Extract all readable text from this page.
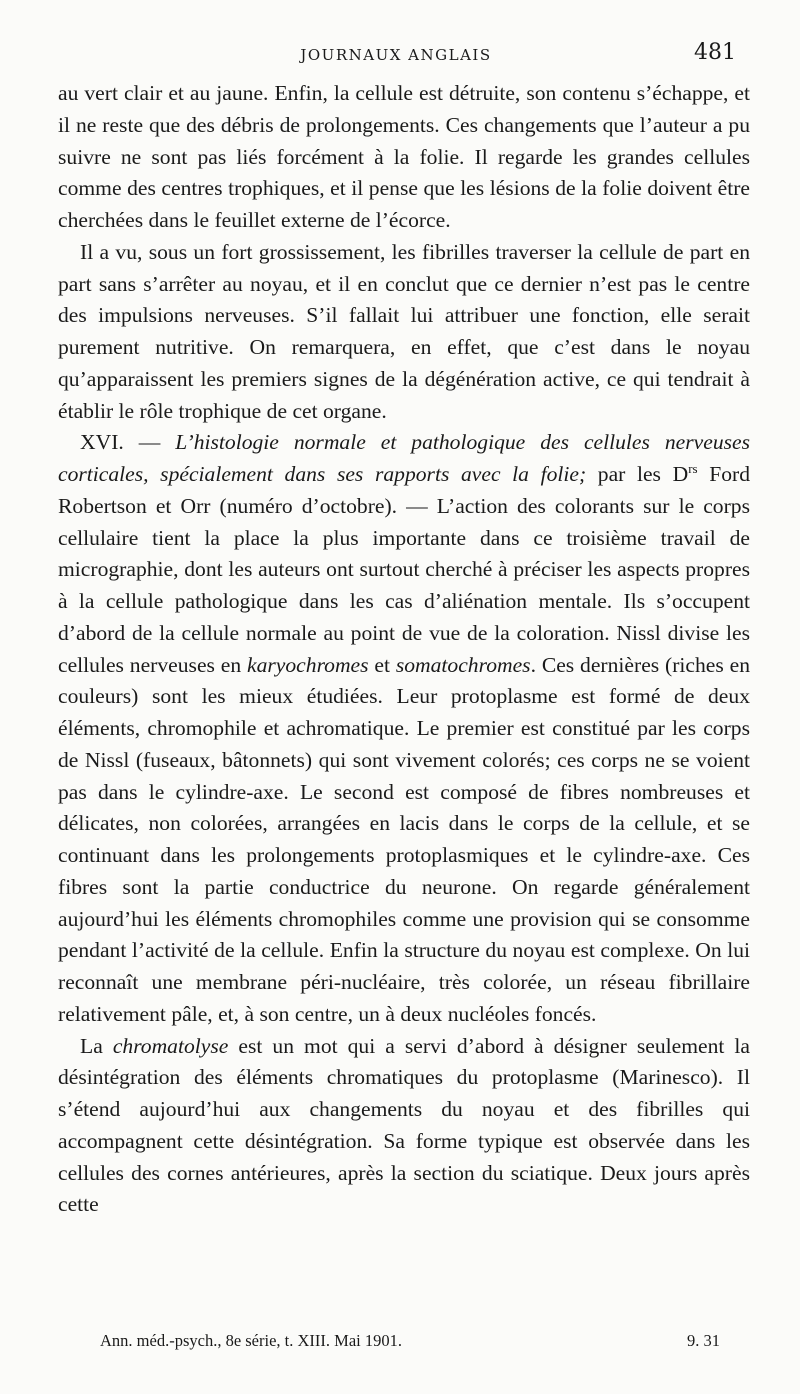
JOURNAUX ANGLAIS	481

au vert clair et au jaune. Enfin, la cellule est détruite, son contenu s’échappe, et il ne reste que des débris de prolongements. Ces changements que l’auteur a pu suivre ne sont pas liés forcément à la folie. Il regarde les grandes cellules comme des centres trophiques, et il pense que les lésions de la folie doivent être cherchées dans le feuillet externe de l’écorce.

Il a vu, sous un fort grossissement, les fibrilles traverser la cellule de part en part sans s’arrêter au noyau, et il en conclut que ce dernier n’est pas le centre des impulsions nerveuses. S’il fallait lui attribuer une fonction, elle serait purement nutritive. On remarquera, en effet, que c’est dans le noyau qu’apparaissent les premiers signes de la dégénération active, ce qui tendrait à établir le rôle trophique de cet organe.

XVI. — L’histologie normale et pathologique des cellules nerveuses corticales, spécialement dans ses rapports avec la folie; par les $D^{rs}$ Ford Robertson et Orr (numéro d’octobre). — L’action des colorants sur le corps cellulaire tient la place la plus importante dans ce troisième travail de micrographie, dont les auteurs ont surtout cherché à préciser les aspects propres à la cellule pathologique dans les cas d’aliénation mentale. Ils s’occupent d’abord de la cellule normale au point de vue de la coloration. Nissl divise les cellules nerveuses en karyochromes et somatochromes. Ces dernières (riches en couleurs) sont les mieux étudiées. Leur protoplasme est formé de deux éléments, chromophile et achromatique. Le premier est constitué par les corps de Nissl (fuseaux, bâtonnets) qui sont vivement colorés; ces corps ne se voient pas dans le cylindre-axe. Le second est composé de fibres nombreuses et délicates, non colorées, arrangées en lacis dans le corps de la cellule, et se continuant dans les prolongements protoplasmiques et le cylindre-axe. Ces fibres sont la partie conductrice du neurone. On regarde généralement aujourd’hui les éléments chromophiles comme une provision qui se consomme pendant l’activité de la cellule. Enfin la structure du noyau est complexe. On lui reconnaît une membrane péri-nucléaire, très colorée, un réseau fibrillaire relativement pâle, et, à son centre, un à deux nucléoles foncés.

La chromatolyse est un mot qui a servi d’abord à désigner seulement la désintégration des éléments chromatiques du protoplasme (Marinesco). Il s’étend aujourd’hui aux changements du noyau et des fibrilles qui accompagnent cette désintégration. Sa forme typique est observée dans les cellules des cornes antérieures, après la section du sciatique. Deux jours après cette

Ann. méd.-psych., 8e série, t. XIII. Mai 1901.	9. 31
